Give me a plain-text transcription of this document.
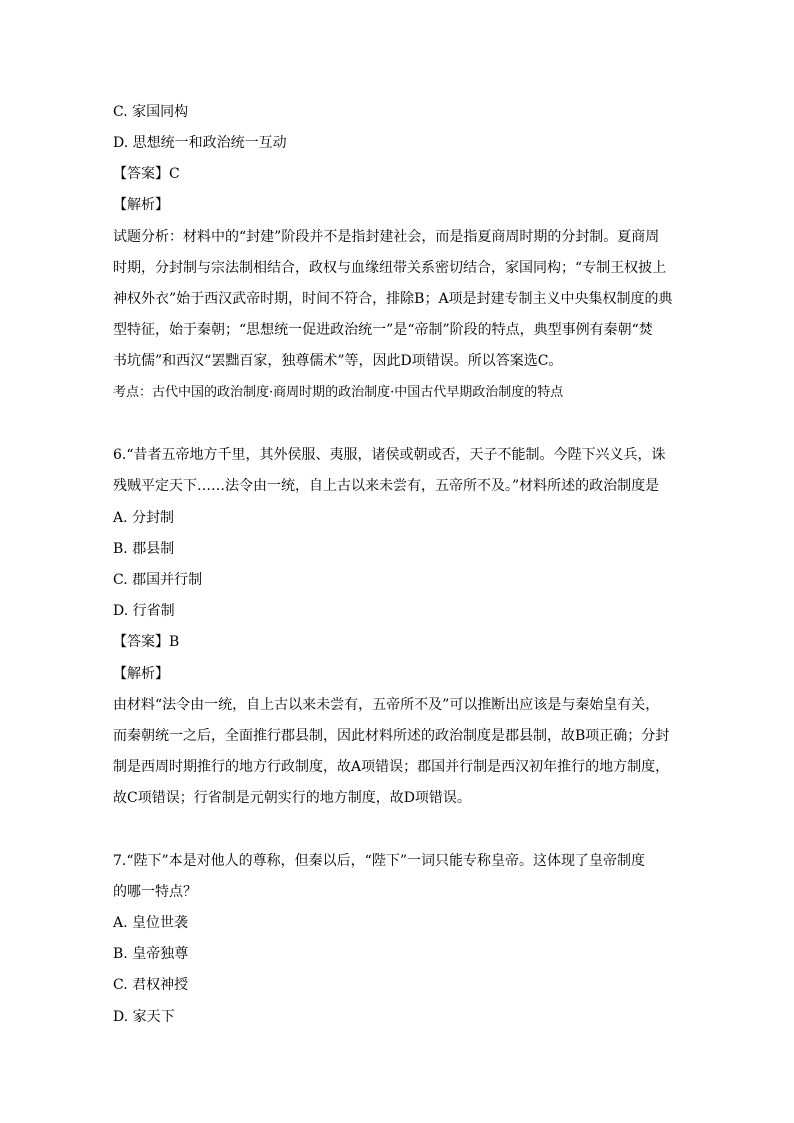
C. 家国同构
D. 思想统一和政治统一互动
【答案】C
【解析】
试题分析：材料中的“封建”阶段并不是指封建社会，而是指夏商周时期的分封制。夏商周
时期，分封制与宗法制相结合，政权与血缘纽带关系密切结合，家国同构；“专制王权披上
神权外衣”始于西汉武帝时期，时间不符合，排除B；A项是封建专制主义中央集权制度的典
型特征，始于秦朝；“思想统一促进政治统一”是“帝制”阶段的特点，典型事例有秦朝“焚
书坑儒”和西汉“罢黜百家，独尊儒术”等，因此D项错误。所以答案选C。
考点：古代中国的政治制度·商周时期的政治制度·中国古代早期政治制度的特点
6.“昔者五帝地方千里，其外侯服、夷服，诸侯或朝或否，天子不能制。今陛下兴义兵，诛
残贼平定天下……法令由一统，自上古以来未尝有，五帝所不及。”材料所述的政治制度是
A. 分封制
B. 郡县制
C. 郡国并行制
D. 行省制
【答案】B
【解析】
由材料“法令由一统，自上古以来未尝有，五帝所不及”可以推断出应该是与秦始皇有关，
而秦朝统一之后，全面推行郡县制，因此材料所述的政治制度是郡县制，故B项正确；分封
制是西周时期推行的地方行政制度，故A项错误；郡国并行制是西汉初年推行的地方制度，
故C项错误；行省制是元朝实行的地方制度，故D项错误。
7.“陛下”本是对他人的尊称，但秦以后，“陛下”一词只能专称皇帝。这体现了皇帝制度
的哪一特点？
A. 皇位世袭
B. 皇帝独尊
C. 君权神授
D. 家天下
